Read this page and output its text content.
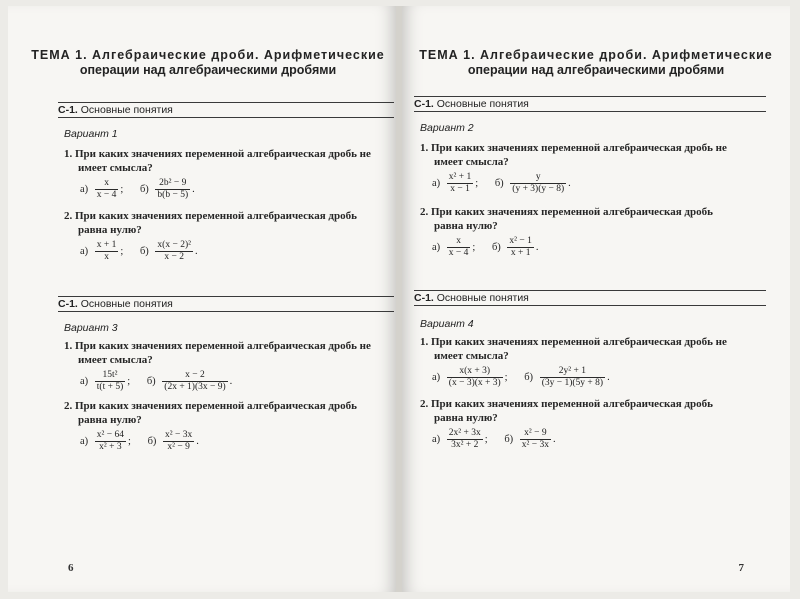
ТЕМА 1. Алгебраические дроби. Арифметические
операции над алгебраическими дробями
С-1. Основные понятия
Вариант 1
1. При каких значениях переменной алгебраическая дробь не
имеет смысла?
$а) \frac{x}{x - 4}$ ; $б) \frac{\text{2b² − 9}}{b(b - 5)}$ .
2. При каких значениях переменной алгебраическая дробь
равна нулю?
$а) \frac{x + 1}{x}$ ; $б) \frac{\text{x(x − 2)²}}{x - 2}$ .
С-1. Основные понятия
Вариант 3
1. При каких значениях переменной алгебраическая дробь не
имеет смысла?
$а) \frac{\text{15t²}}{t(t + 5)}$ ; $б) \frac{x - 2}{(2x + 1)(3x - 9)}$ .
2. При каких значениях переменной алгебраическая дробь
равна нулю?
$а) \frac{\text{x² − 64}}{\text{x² + 3}}$ ; $б) \frac{\text{x² − 3x}}{\text{x² − 9}}$ .
6
ТЕМА 1. Алгебраические дроби. Арифметические
операции над алгебраическими дробями
С-1. Основные понятия
Вариант 2
1. При каких значениях переменной алгебраическая дробь не
имеет смысла?
$а) \frac{\text{x² + 1}}{x - 1}$ ; $б) \frac{y}{(y + 3)(y - 8)}$ .
2. При каких значениях переменной алгебраическая дробь
равна нулю?
$а) \frac{x}{x - 4}$ ; $б) \frac{\text{x² − 1}}{x + 1}$ .
С-1. Основные понятия
Вариант 4
1. При каких значениях переменной алгебраическая дробь не
имеет смысла?
$а) \frac{x(x + 3)}{(x - 3)(x + 3)}$ ; $б) \frac{\text{2y² + 1}}{(3y - 1)(5y + 8)}$ .
2. При каких значениях переменной алгебраическая дробь
равна нулю?
$а) \frac{\text{2x² + 3x}}{\text{3x² + 2}}$ ; $б) \frac{\text{x² − 9}}{\text{x² − 3x}}$ .
7
